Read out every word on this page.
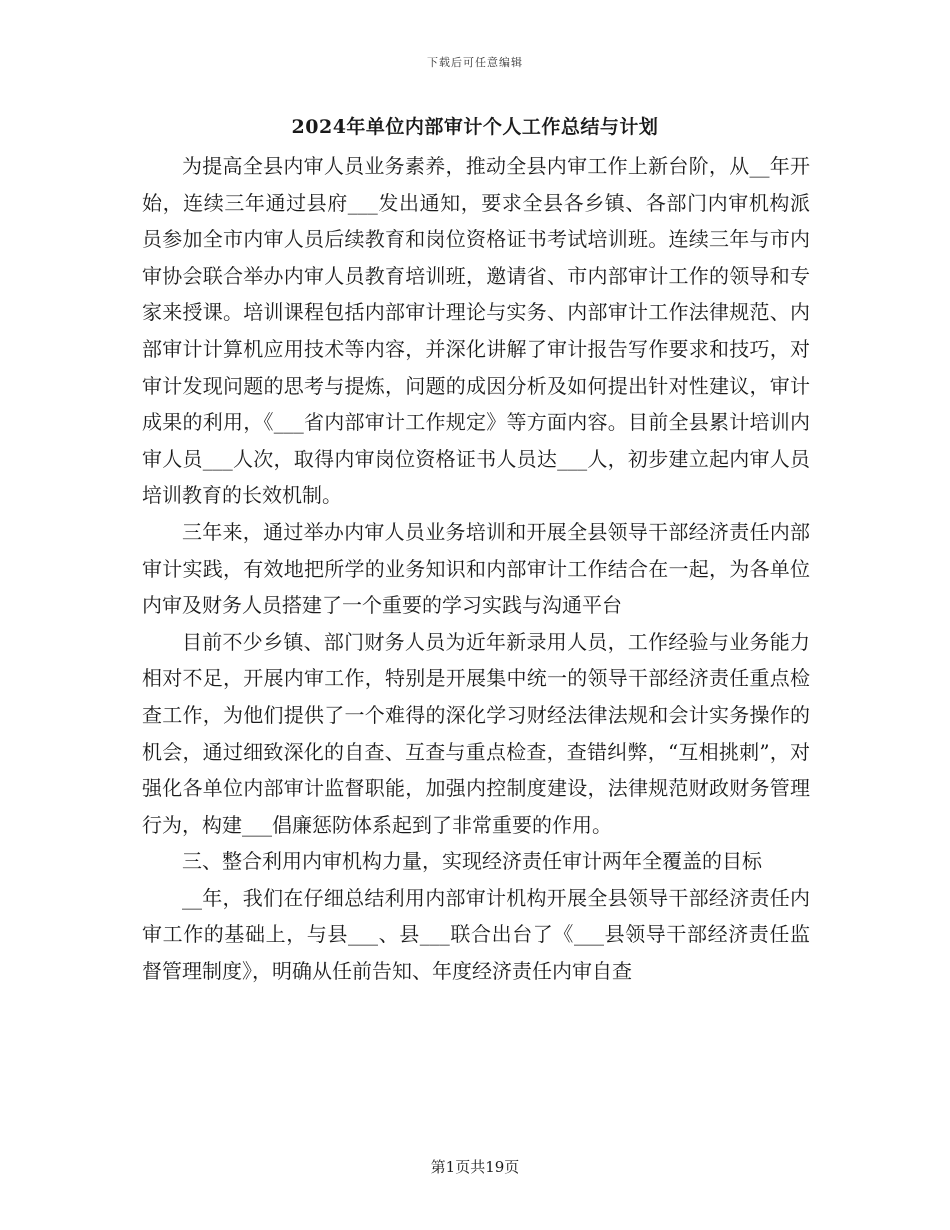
下载后可任意编辑
2024年单位内部审计个人工作总结与计划

为提高全县内审人员业务素养，推动全县内审工作上新台阶，从__年开始，连续三年通过县府___发出通知，要求全县各乡镇、各部门内审机构派员参加全市内审人员后续教育和岗位资格证书考试培训班。连续三年与市内审协会联合举办内审人员教育培训班，邀请省、市内部审计工作的领导和专家来授课。培训课程包括内部审计理论与实务、内部审计工作法律规范、内部审计计算机应用技术等内容，并深化讲解了审计报告写作要求和技巧，对审计发现问题的思考与提炼，问题的成因分析及如何提出针对性建议，审计成果的利用，《___省内部审计工作规定》等方面内容。目前全县累计培训内审人员___人次，取得内审岗位资格证书人员达___人，初步建立起内审人员培训教育的长效机制。

三年来，通过举办内审人员业务培训和开展全县领导干部经济责任内部审计实践，有效地把所学的业务知识和内部审计工作结合在一起，为各单位内审及财务人员搭建了一个重要的学习实践与沟通平台

目前不少乡镇、部门财务人员为近年新录用人员，工作经验与业务能力相对不足，开展内审工作，特别是开展集中统一的领导干部经济责任重点检查工作，为他们提供了一个难得的深化学习财经法律法规和会计实务操作的机会，通过细致深化的自查、互查与重点检查，查错纠弊，“互相挑刺”，对强化各单位内部审计监督职能，加强内控制度建设，法律规范财政财务管理行为，构建___倡廉惩防体系起到了非常重要的作用。

三、整合利用内审机构力量，实现经济责任审计两年全覆盖的目标

__年，我们在仔细总结利用内部审计机构开展全县领导干部经济责任内审工作的基础上，与县___、县___联合出台了《___县领导干部经济责任监督管理制度》，明确从任前告知、年度经济责任内审自查

第1页共19页
